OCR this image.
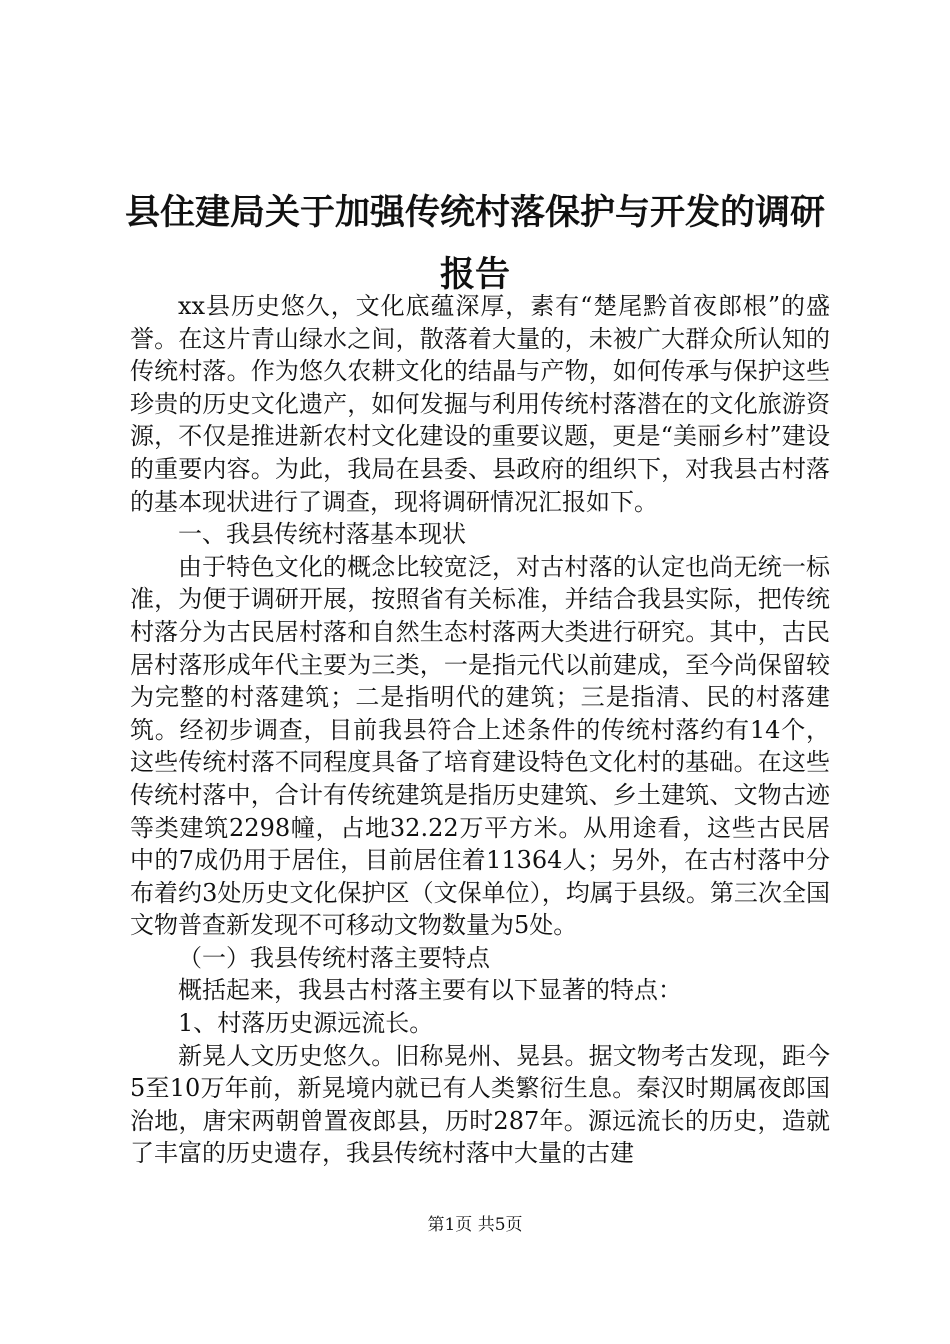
县住建局关于加强传统村落保护与开发的调研
报告

xx县历史悠久，文化底蕴深厚，素有“楚尾黔首夜郎根”的盛誉。在这片青山绿水之间，散落着大量的，未被广大群众所认知的传统村落。作为悠久农耕文化的结晶与产物，如何传承与保护这些珍贵的历史文化遗产，如何发掘与利用传统村落潜在的文化旅游资源，不仅是推进新农村文化建设的重要议题，更是“美丽乡村”建设的重要内容。为此，我局在县委、县政府的组织下，对我县古村落的基本现状进行了调查，现将调研情况汇报如下。

一、我县传统村落基本现状

由于特色文化的概念比较宽泛，对古村落的认定也尚无统一标准，为便于调研开展，按照省有关标准，并结合我县实际，把传统村落分为古民居村落和自然生态村落两大类进行研究。其中，古民居村落形成年代主要为三类，一是指元代以前建成，至今尚保留较为完整的村落建筑；二是指明代的建筑；三是指清、民的村落建筑。经初步调查，目前我县符合上述条件的传统村落约有14个，这些传统村落不同程度具备了培育建设特色文化村的基础。在这些传统村落中，合计有传统建筑是指历史建筑、乡土建筑、文物古迹等类建筑2298幢，占地32.22万平方米。从用途看，这些古民居中的7成仍用于居住，目前居住着11364人；另外，在古村落中分布着约3处历史文化保护区（文保单位），均属于县级。第三次全国文物普查新发现不可移动文物数量为5处。

（一）我县传统村落主要特点

概括起来，我县古村落主要有以下显著的特点：

1、村落历史源远流长。

新晃人文历史悠久。旧称晃州、晃县。据文物考古发现，距今5至10万年前，新晃境内就已有人类繁衍生息。秦汉时期属夜郎国治地，唐宋两朝曾置夜郎县，历时287年。源远流长的历史，造就了丰富的历史遗存，我县传统村落中大量的古建

第1页 共5页
